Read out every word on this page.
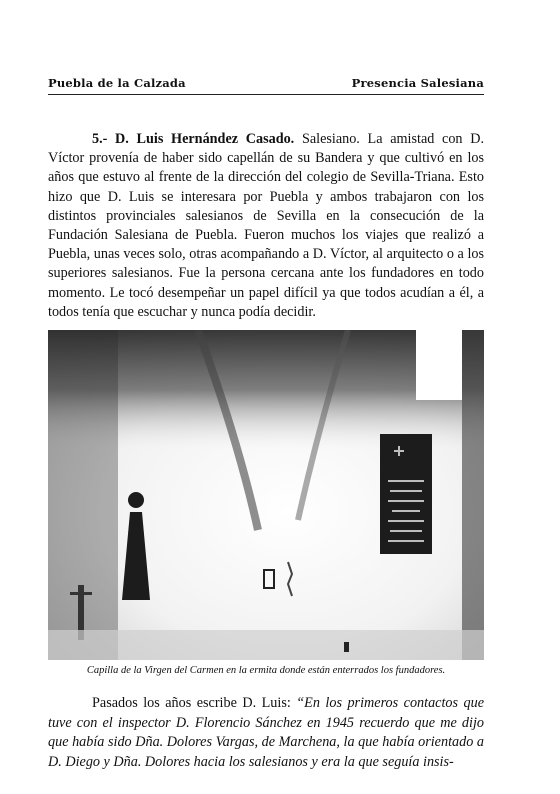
Puebla de la Calzada	Presencia Salesiana

5.- D. Luis Hernández Casado. Salesiano. La amistad con D. Víctor provenía de haber sido capellán de su Bandera y que cultivó en los años que estuvo al frente de la dirección del colegio de Sevilla-Triana. Esto hizo que D. Luis se interesara por Puebla y ambos trabajaron con los distintos provinciales salesianos de Sevilla en la consecución de la Fundación Salesiana de Puebla. Fueron muchos los viajes que realizó a Puebla, unas veces solo, otras acompañando a D. Víctor, al arquitecto o a los superiores salesianos. Fue la persona cercana ante los fundadores en todo momento. Le tocó desempeñar un papel difícil ya que todos acudían a él, a todos tenía que escuchar y nunca podía decidir.

Capilla de la Virgen del Carmen en la ermita donde están enterrados los fundadores.

Pasados los años escribe D. Luis: “En los primeros contactos que tuve con el inspector D. Florencio Sánchez en 1945 recuerdo que me dijo que había sido Dña. Dolores Vargas, de Marchena, la que había orientado a D. Diego y Dña. Dolores hacia los salesianos y era la que seguía insis-
